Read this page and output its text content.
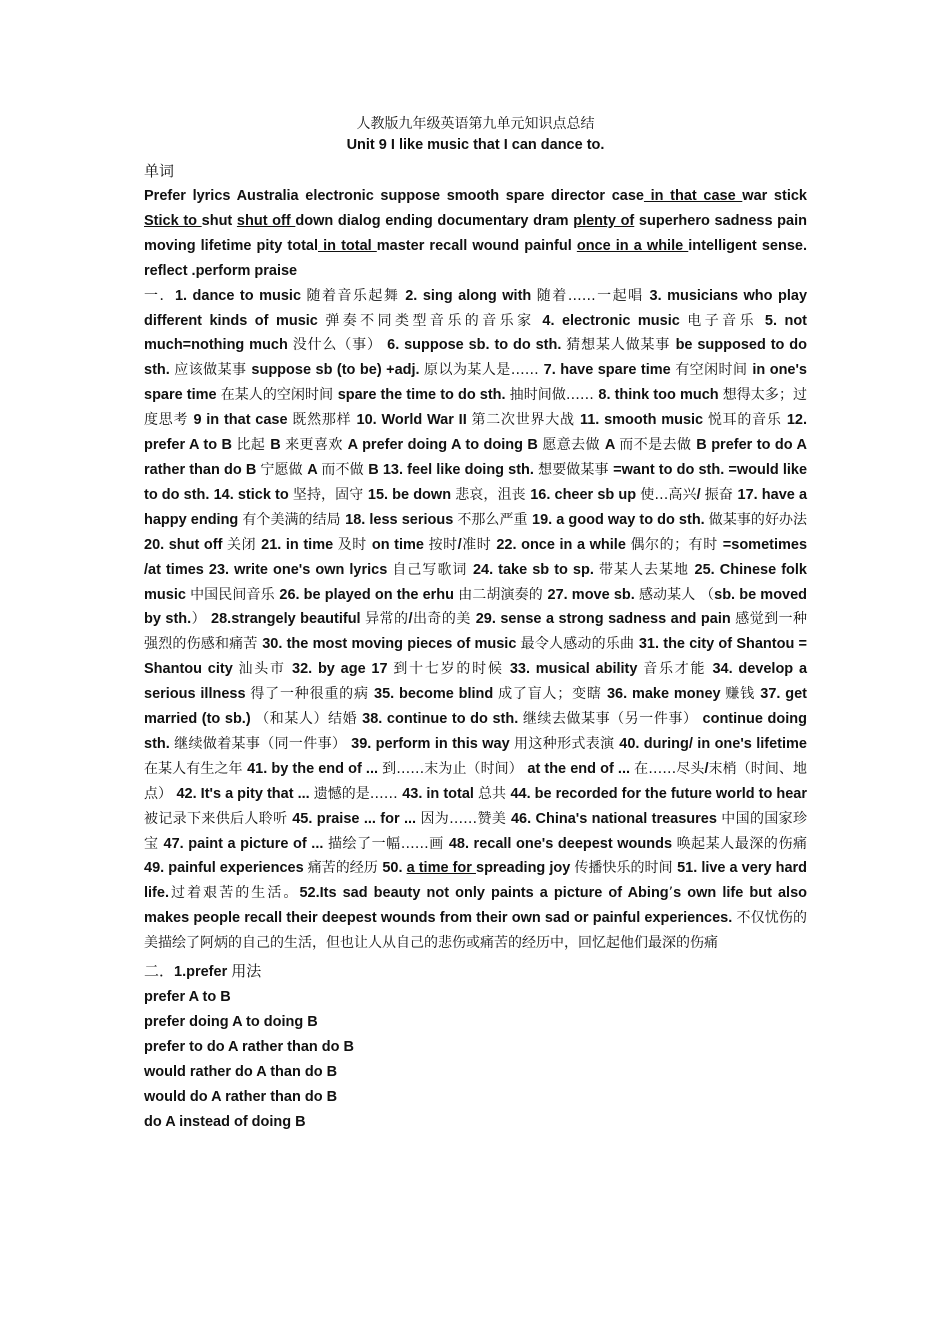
人教版九年级英语第九单元知识点总结
Unit 9 I like music that I can dance to.
单词
Prefer lyrics Australia electronic suppose smooth spare director case in that case war stick Stick to shut shut off down dialog ending documentary dram plenty of superhero sadness pain moving lifetime pity total in total master recall wound painful once in a while intelligent sense. reflect .perform praise
一．1. dance to music 随着音乐起舞 2. sing along with 随着……一起唱 3. musicians who play different kinds of music 弹奏不同类型音乐的音乐家 4. electronic music 电子音乐 5. not much=nothing much 没什么（事） 6. suppose sb. to do sth. 猜想某人做某事 be supposed to do sth. 应该做某事 suppose sb (to be) +adj. 原以为某人是…… 7. have spare time 有空闲时间 in one's spare time 在某人的空闲时间 spare the time to do sth. 抽时间做…… 8. think too much 想得太多；过度思考 9 in that case 既然那样 10. World War II 第二次世界大战 11. smooth music 悦耳的音乐 12. prefer A to B 比起 B 来更喜欢 A prefer doing A to doing B 愿意去做 A 而不是去做 B prefer to do A rather than do B 宁愿做 A 而不做 B 13. feel like doing sth. 想要做某事 =want to do sth. =would like to do sth. 14. stick to 坚持，固守 15. be down 悲哀，沮丧 16. cheer sb up 使…高兴/ 振奋 17. have a happy ending 有个美满的结局 18. less serious 不那么严重 19. a good way to do sth. 做某事的好办法 20. shut off 关闭 21. in time 及时 on time 按时/准时 22. once in a while 偶尔的；有时 =sometimes /at times 23. write one's own lyrics 自己写歌词 24. take sb to sp. 带某人去某地 25. Chinese folk music 中国民间音乐 26. be played on the erhu 由二胡演奏的 27. move sb. 感动某人 （sb. be moved by sth.） 28.strangely beautiful 异常的/出奇的美 29. sense a strong sadness and pain 感觉到一种强烈的伤感和痛苦 30. the most moving pieces of music 最令人感动的乐曲 31. the city of Shantou = Shantou city 汕头市 32. by age 17 到十七岁的时候 33. musical ability 音乐才能 34. develop a serious illness 得了一种很重的病 35. become blind 成了盲人；变瞎 36. make money 赚钱 37. get married (to sb.) （和某人）结婚 38. continue to do sth. 继续去做某事（另一件事） continue doing sth. 继续做着某事（同一件事） 39. perform in this way 用这种形式表演 40. during/ in one's lifetime 在某人有生之年 41. by the end of ... 到……末为止（时间） at the end of ... 在……尽头/末梢（时间、地点） 42. It's a pity that ... 遗憾的是…… 43. in total 总共 44. be recorded for the future world to hear 被记录下来供后人聆听 45. praise ... for ... 因为……赞美 46. China's national treasures 中国的国家珍宝 47. paint a picture of ... 描绘了一幅……画 48. recall one's deepest wounds 唤起某人最深的伤痛 49. painful experiences 痛苦的经历 50. a time for spreading joy 传播快乐的时间 51. live a very hard life.过着艰苦的生活。52.Its sad beauty not only paints a picture of Abing’s own life but also makes people recall their deepest wounds from their own sad or painful experiences. 不仅忧伤的美描绘了阿炳的自己的生活，但也让人从自己的悲伤或痛苦的经历中，回忆起他们最深的伤痛
二．1.prefer 用法
prefer A to B
prefer doing A to doing B
prefer to do A rather than do B
would rather do A than do B
would do A rather than do B
do A instead of doing B
